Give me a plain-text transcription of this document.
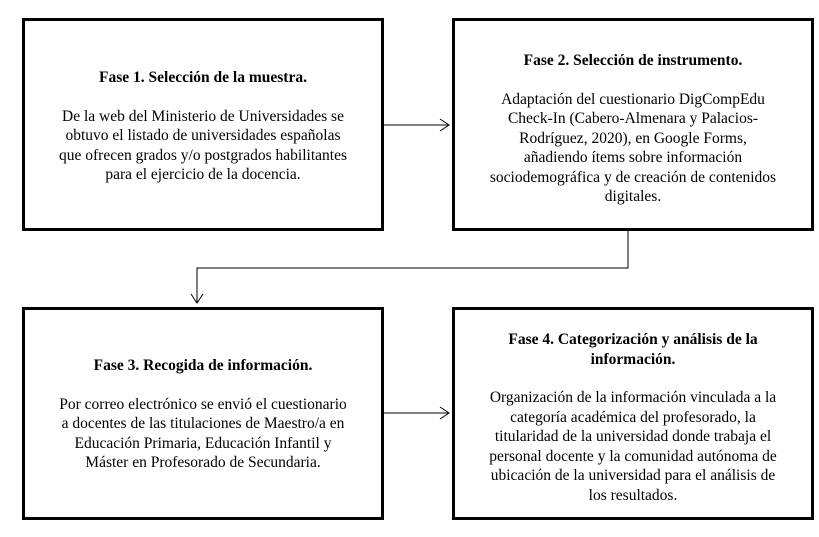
Fase 1. Selección de la muestra.
De la web del Ministerio de Universidades se
obtuvo el listado de universidades españolas
que ofrecen grados y/o postgrados habilitantes
para el ejercicio de la docencia.
Fase 2. Selección de instrumento.
Adaptación del cuestionario DigCompEdu
Check-In (Cabero-Almenara y Palacios-
Rodríguez, 2020), en Google Forms,
añadiendo ítems sobre información
sociodemográfica y de creación de contenidos
digitales.
Fase 3. Recogida de información.
Por correo electrónico se envió el cuestionario
a docentes de las titulaciones de Maestro/a en
Educación Primaria, Educación Infantil y
Máster en Profesorado de Secundaria.
Fase 4. Categorización y análisis de la
información.
Organización de la información vinculada a la
categoría académica del profesorado, la
titularidad de la universidad donde trabaja el
personal docente y la comunidad autónoma de
ubicación de la universidad para el análisis de
los resultados.
